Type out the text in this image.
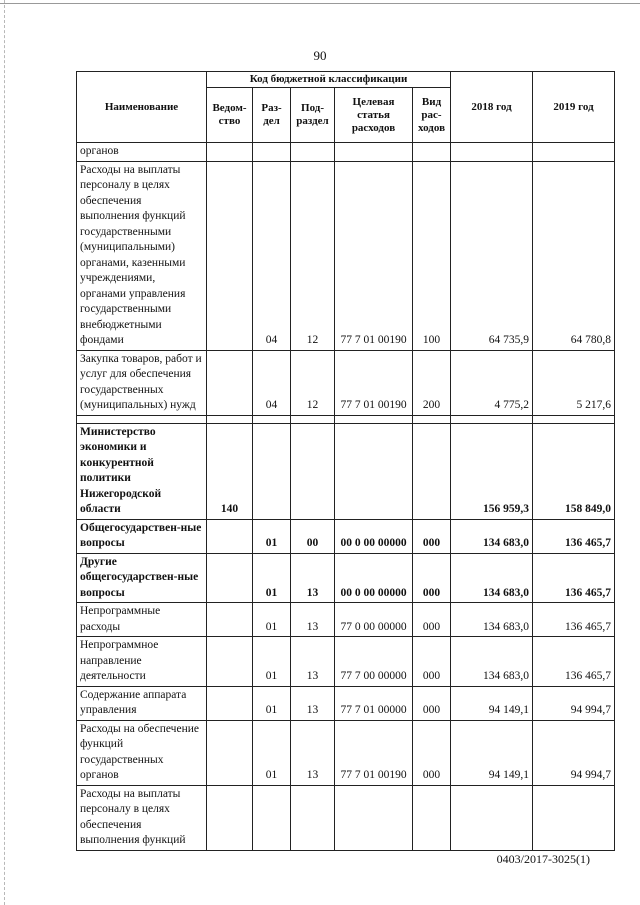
90
Наименование	Код бюджетной классификации					2018 год	2019 год
	Ведом-ство	Раз-дел	Под-раздел	Целевая статья расходов	Вид рас-ходов		
органов							
Расходы на выплаты персоналу в целях обеспечения выполнения функций государственными (муниципальными) органами, казенными учреждениями, органами управления государственными внебюджетными фондами		04	12	77 7 01 00190	100	64 735,9	64 780,8
Закупка товаров, работ и услуг для обеспечения государственных (муниципальных) нужд		04	12	77 7 01 00190	200	4 775,2	5 217,6

Министерство экономики и конкурентной политики Нижегородской области	140					156 959,3	158 849,0
Общегосударствен-ные вопросы		01	00	00 0 00 00000	000	134 683,0	136 465,7
Другие общегосударствен-ные вопросы		01	13	00 0 00 00000	000	134 683,0	136 465,7
Непрограммные расходы		01	13	77 0 00 00000	000	134 683,0	136 465,7
Непрограммное направление деятельности		01	13	77 7 00 00000	000	134 683,0	136 465,7
Содержание аппарата управления		01	13	77 7 01 00000	000	94 149,1	94 994,7
Расходы на обеспечение функций государственных органов		01	13	77 7 01 00190	000	94 149,1	94 994,7
Расходы на выплаты персоналу в целях обеспечения выполнения функций							
0403/2017-3025(1)
